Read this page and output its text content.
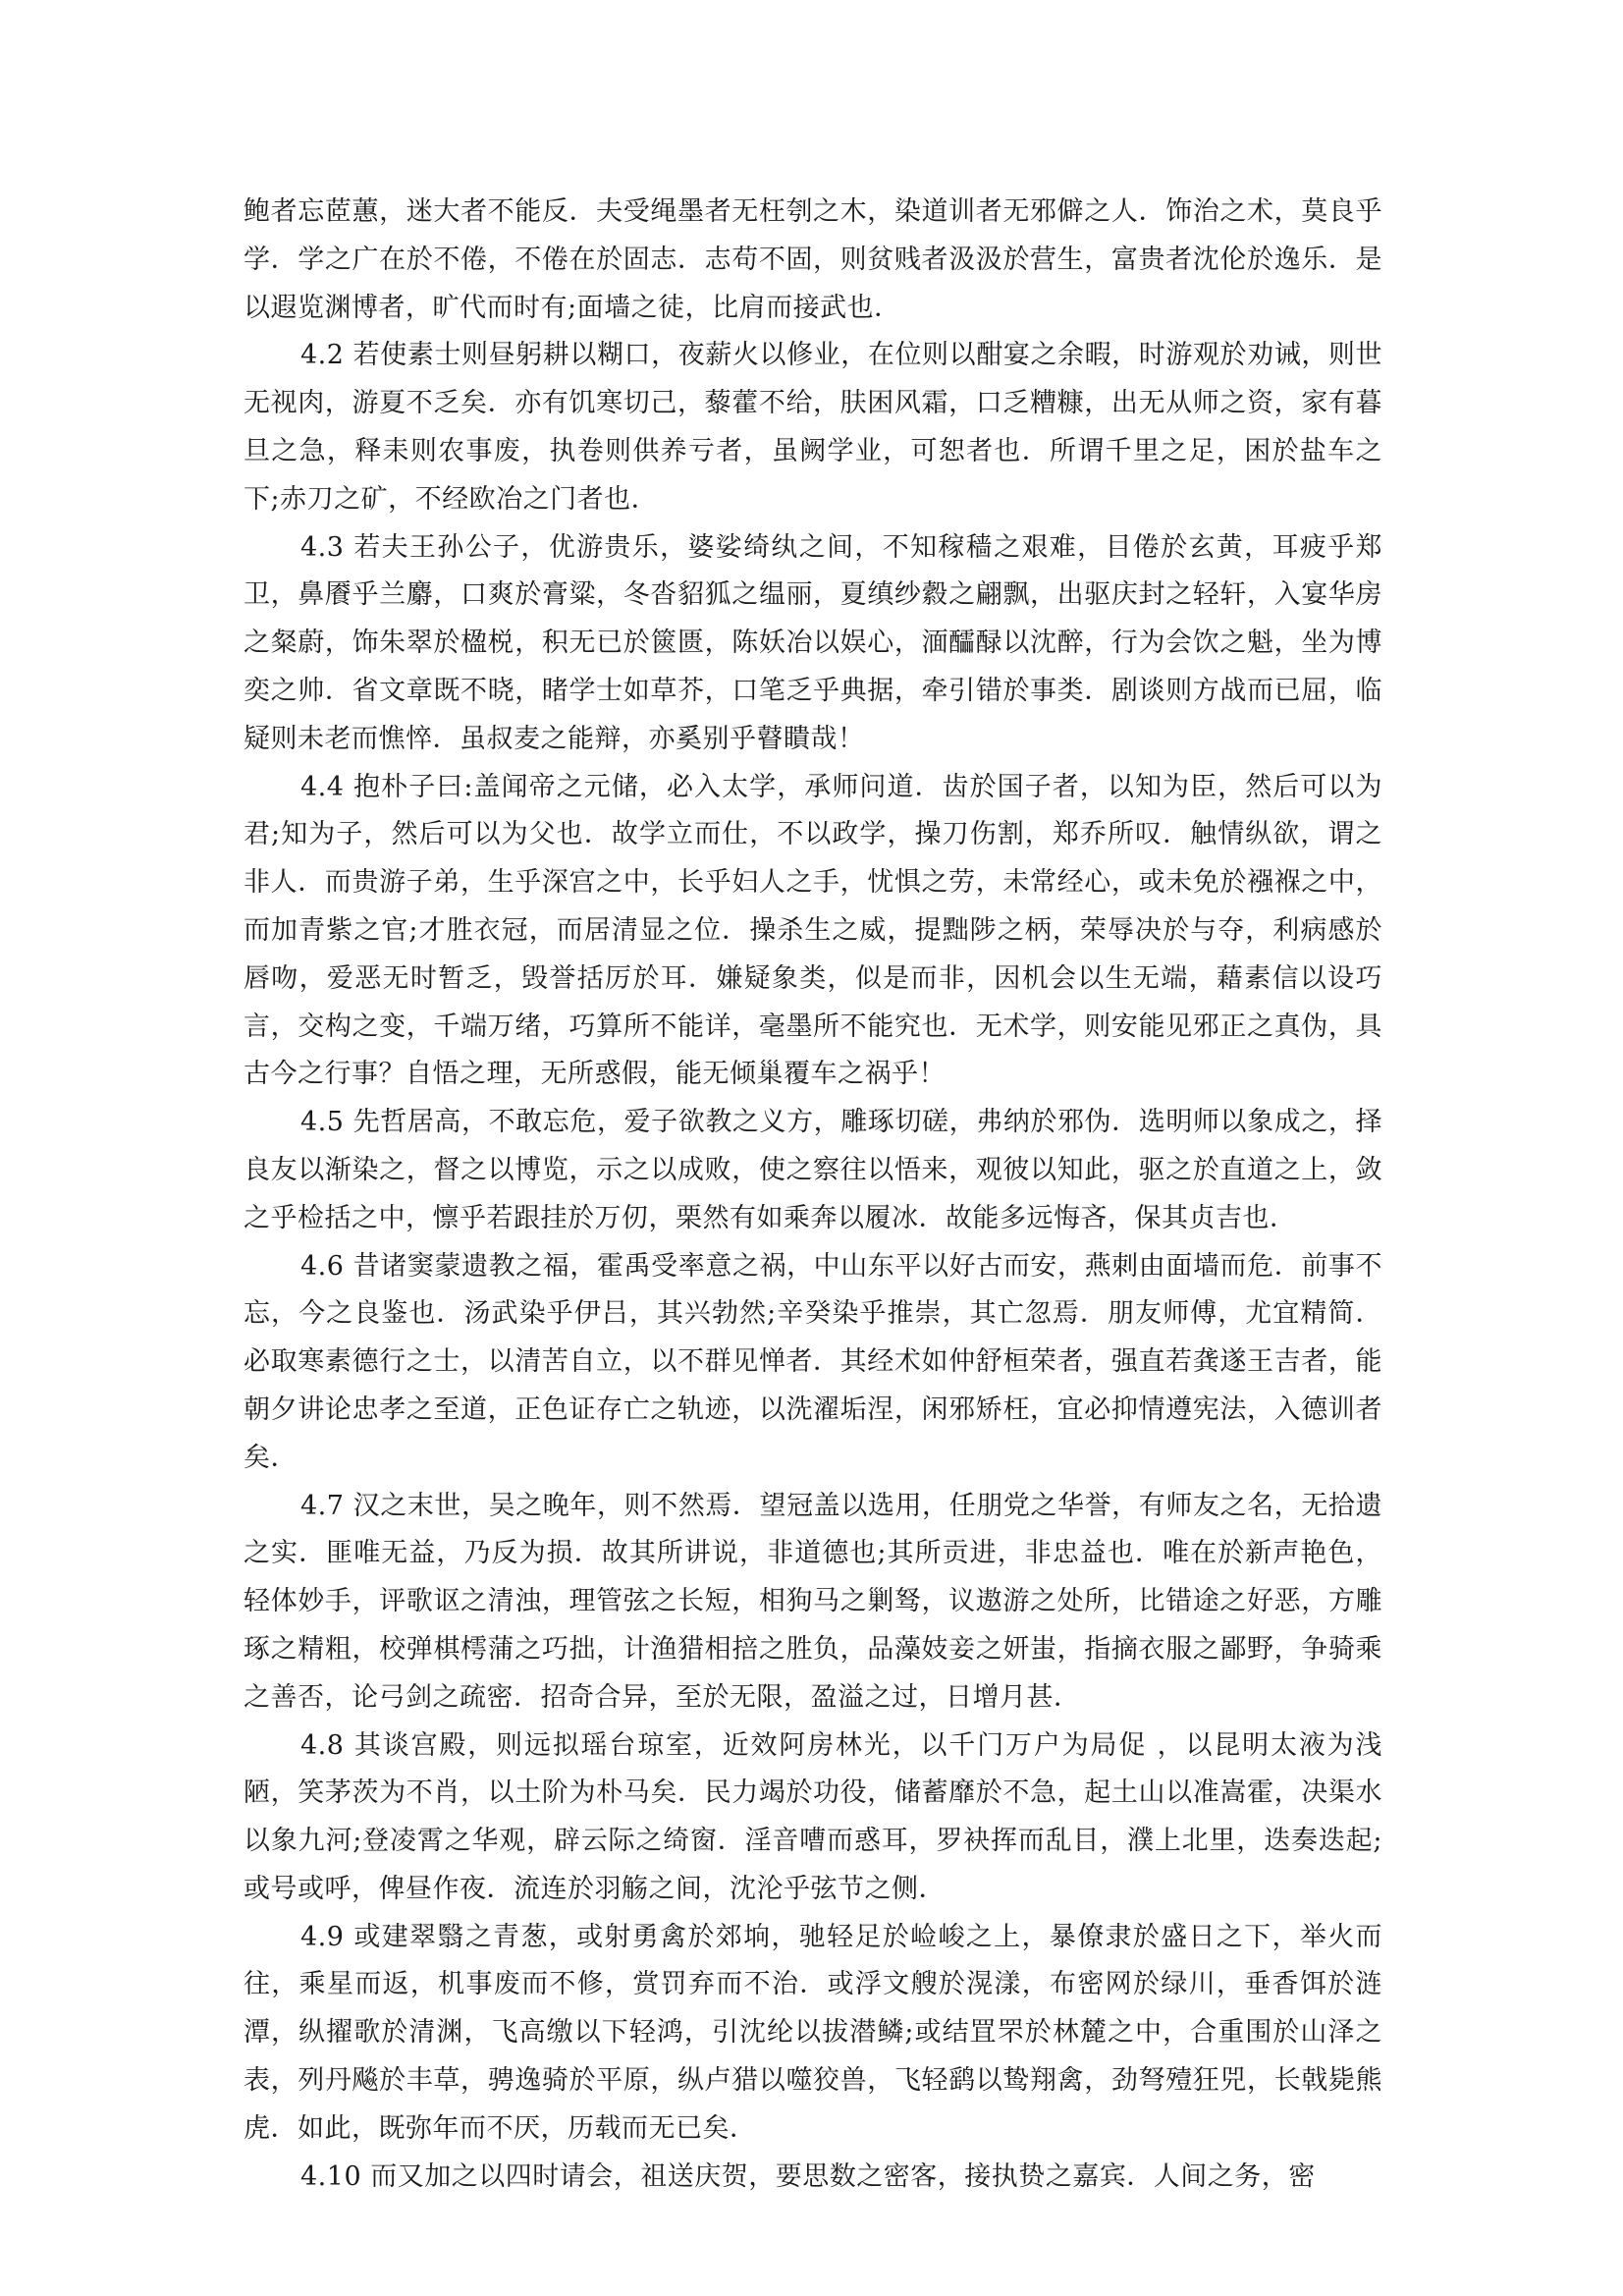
鲍者忘茝蕙，迷大者不能反．夫受绳墨者无枉刳之木，染道训者无邪僻之人．饰治之术，莫良乎学．学之广在於不倦，不倦在於固志．志苟不固，则贫贱者汲汲於营生，富贵者沈伦於逸乐．是以遐览渊博者，旷代而时有;面墙之徒，比肩而接武也．

4.2 若使素士则昼躬耕以糊口，夜薪火以修业，在位则以酣宴之余暇，时游观於劝诫，则世无视肉，游夏不乏矣．亦有饥寒切己，藜藿不给，肤困风霜，口乏糟糠，出无从师之资，家有暮旦之急，释耒则农事废，执卷则供养亏者，虽阙学业，可恕者也．所谓千里之足，困於盐车之下;赤刀之矿，不经欧冶之门者也．

4.3 若夫王孙公子，优游贵乐，婆娑绮纨之间，不知稼穑之艰难，目倦於玄黄，耳疲乎郑卫，鼻餍乎兰麝，口爽於膏粱，冬沓貂狐之缊丽，夏缜纱縠之翩飘，出驱庆封之轻轩，入宴华房之粲蔚，饰朱翠於楹棁，积无已於篋匮，陈妖冶以娱心，湎醽醁以沈醉，行为会饮之魁，坐为博奕之帅．省文章既不晓，睹学士如草芥，口笔乏乎典据，牵引错於事类．剧谈则方战而已屈，临疑则未老而憔悴．虽叔麦之能辩，亦奚别乎瞽瞶哉！

4.4 抱朴子曰:盖闻帝之元储，必入太学，承师问道．齿於国子者，以知为臣，然后可以为君;知为子，然后可以为父也．故学立而仕，不以政学，操刀伤割，郑乔所叹．触情纵欲，谓之非人．而贵游子弟，生乎深宫之中，长乎妇人之手，忧惧之劳，未常经心，或未免於襁褓之中，而加青紫之官;才胜衣冠，而居清显之位．操杀生之威，提黜陟之柄，荣辱决於与夺，利病感於唇吻，爱恶无时暂乏，毁誉括厉於耳．嫌疑象类，似是而非，因机会以生无端，藉素信以设巧言，交构之变，千端万绪，巧算所不能详，毫墨所不能究也．无术学，则安能见邪正之真伪，具古今之行事？自悟之理，无所惑假，能无倾巢覆车之祸乎！

4.5 先哲居高，不敢忘危，爱子欲教之义方，雕琢切磋，弗纳於邪伪．选明师以象成之，择良友以渐染之，督之以博览，示之以成败，使之察往以悟来，观彼以知此，驱之於直道之上，敛之乎检括之中，懔乎若跟挂於万仞，栗然有如乘奔以履冰．故能多远悔吝，保其贞吉也．

4.6 昔诸窦蒙遗教之福，霍禹受率意之祸，中山东平以好古而安，燕刺由面墙而危．前事不忘，今之良鉴也．汤武染乎伊吕，其兴勃然;辛癸染乎推崇，其亡忽焉．朋友师傅，尤宜精简．必取寒素德行之士，以清苦自立，以不群见惮者．其经术如仲舒桓荣者，强直若龚遂王吉者，能朝夕讲论忠孝之至道，正色证存亡之轨迹，以洗濯垢涅，闲邪矫枉，宜必抑情遵宪法，入德训者矣．

4.7 汉之末世，吴之晚年，则不然焉．望冠盖以选用，任朋党之华誉，有师友之名，无拾遗之实．匪唯无益，乃反为损．故其所讲说，非道德也;其所贡进，非忠益也．唯在於新声艳色，轻体妙手，评歌讴之清浊，理管弦之长短，相狗马之剿驽，议遨游之处所，比错途之好恶，方雕琢之精粗，校弹棋樗蒲之巧拙，计渔猎相掊之胜负，品藻妓妾之妍蚩，指摘衣服之鄙野，争骑乘之善否，论弓剑之疏密．招奇合异，至於无限，盈溢之过，日增月甚．

4.8 其谈宫殿，则远拟瑶台琼室，近效阿房林光，以千门万户为局促 ，以昆明太液为浅陋，笑茅茨为不肖，以土阶为朴马矣．民力竭於功役，储蓄靡於不急，起土山以准嵩霍，决渠水以象九河;登凌霄之华观，辟云际之绮窗．淫音嘈而惑耳，罗袂挥而乱目，濮上北里，迭奏迭起;或号或呼，俾昼作夜．流连於羽觞之间，沈沦乎弦节之侧．

4.9 或建翠翳之青葱，或射勇禽於郊垧，驰轻足於崄峻之上，暴僚隶於盛日之下，举火而往，乘星而返，机事废而不修，赏罚弃而不治．或浮文艘於滉漾，布密网於绿川，垂香饵於涟潭，纵擢歌於清渊，飞高缴以下轻鸿，引沈纶以拔潜鳞;或结罝罘於林麓之中，合重围於山泽之表，列丹飚於丰草，骋逸骑於平原，纵卢猎以噬狡兽，飞轻鹞以鸷翔禽，劲弩殪狂兕，长戟毙熊虎．如此，既弥年而不厌，历载而无已矣．

4.10 而又加之以四时请会，祖送庆贺，要思数之密客，接执贽之嘉宾．人间之务，密
